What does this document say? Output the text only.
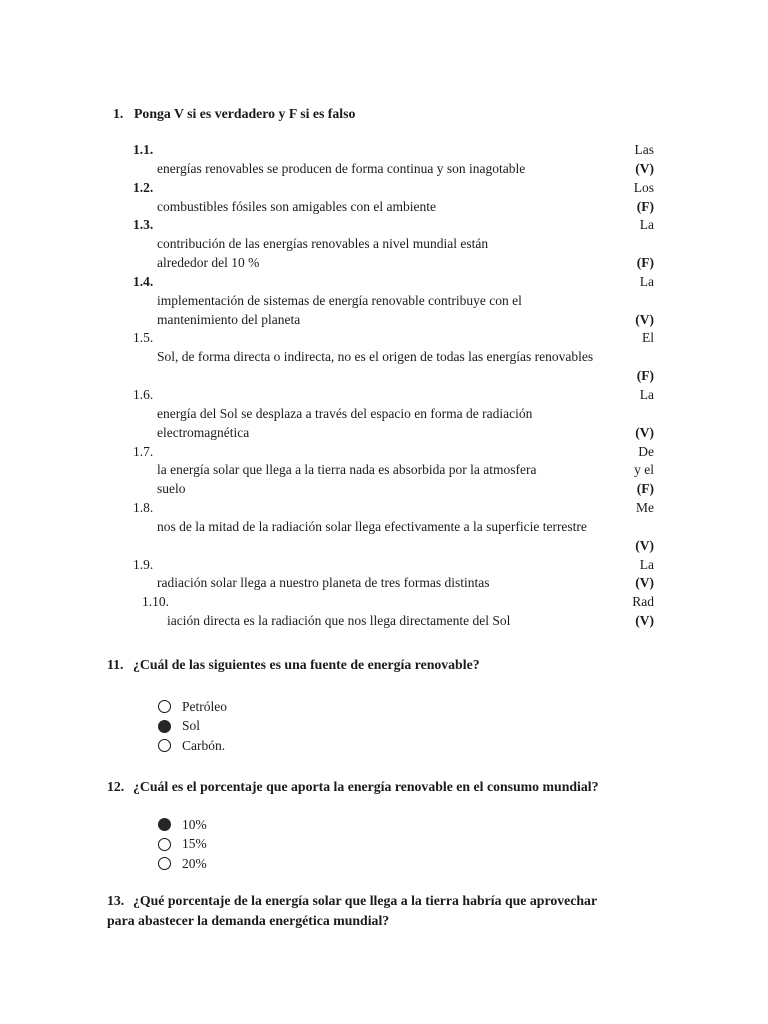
1. Ponga V si es verdadero y F si es falso
1.1.	Las
energías renovables se producen de forma continua y son inagotable	(V)
1.2.	Los
combustibles fósiles son amigables con el ambiente	(F)
1.3.	La
contribución de las energías renovables a nivel mundial están
alrededor del 10 %	(F)
1.4.	La
implementación de sistemas de energía renovable contribuye con el
mantenimiento del planeta	(V)
1.5.	El
Sol, de forma directa o indirecta, no es el origen de todas las energías renovables
(F)
1.6.	La
energía del Sol se desplaza a través del espacio en forma de radiación
electromagnética	(V)
1.7.	De
la energía solar que llega a la tierra nada es absorbida por la atmosfera	y el
suelo	(F)
1.8.	Me
nos de la mitad de la radiación solar llega efectivamente a la superficie terrestre
(V)
1.9.	La
radiación solar llega a nuestro planeta de tres formas distintas	(V)
1.10.	Rad
iación directa es la radiación que nos llega directamente del Sol	(V)
11. ¿Cuál de las siguientes es una fuente de energía renovable?
Petróleo
Sol
Carbón.
12. ¿Cuál es el porcentaje que aporta la energía renovable en el consumo mundial?
10%
15%
20%
13. ¿Qué porcentaje de la energía solar que llega a la tierra habría que aprovechar
para abastecer la demanda energética mundial?
